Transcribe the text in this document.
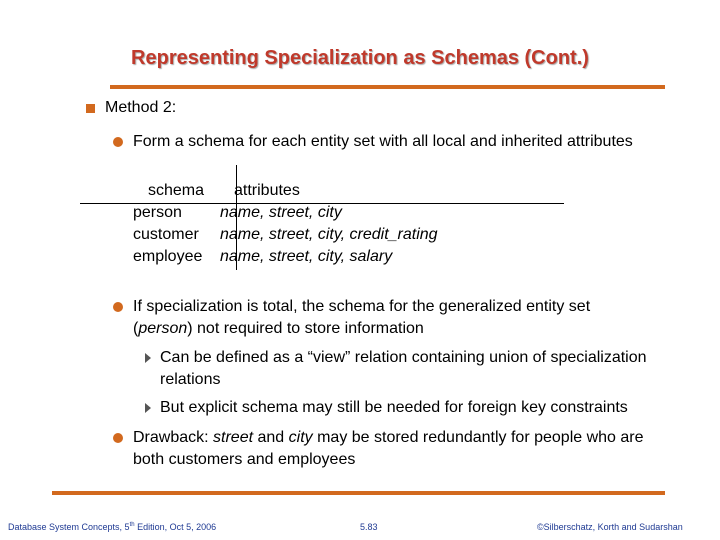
Representing Specialization as Schemas (Cont.)
Method 2:
Form a schema for each entity set with all local and inherited attributes
schema attributes
person name, street, city
customer name, street, city, credit_rating
employee name, street, city, salary
If specialization is total, the schema for the generalized entity set
(person) not required to store information
Can be defined as a “view” relation containing union of specialization
relations
But explicit schema may still be needed for foreign key constraints
Drawback: street and city may be stored redundantly for people who are
both customers and employees
Database System Concepts, 5th Edition, Oct 5, 2006	5.83	©Silberschatz, Korth and Sudarshan
